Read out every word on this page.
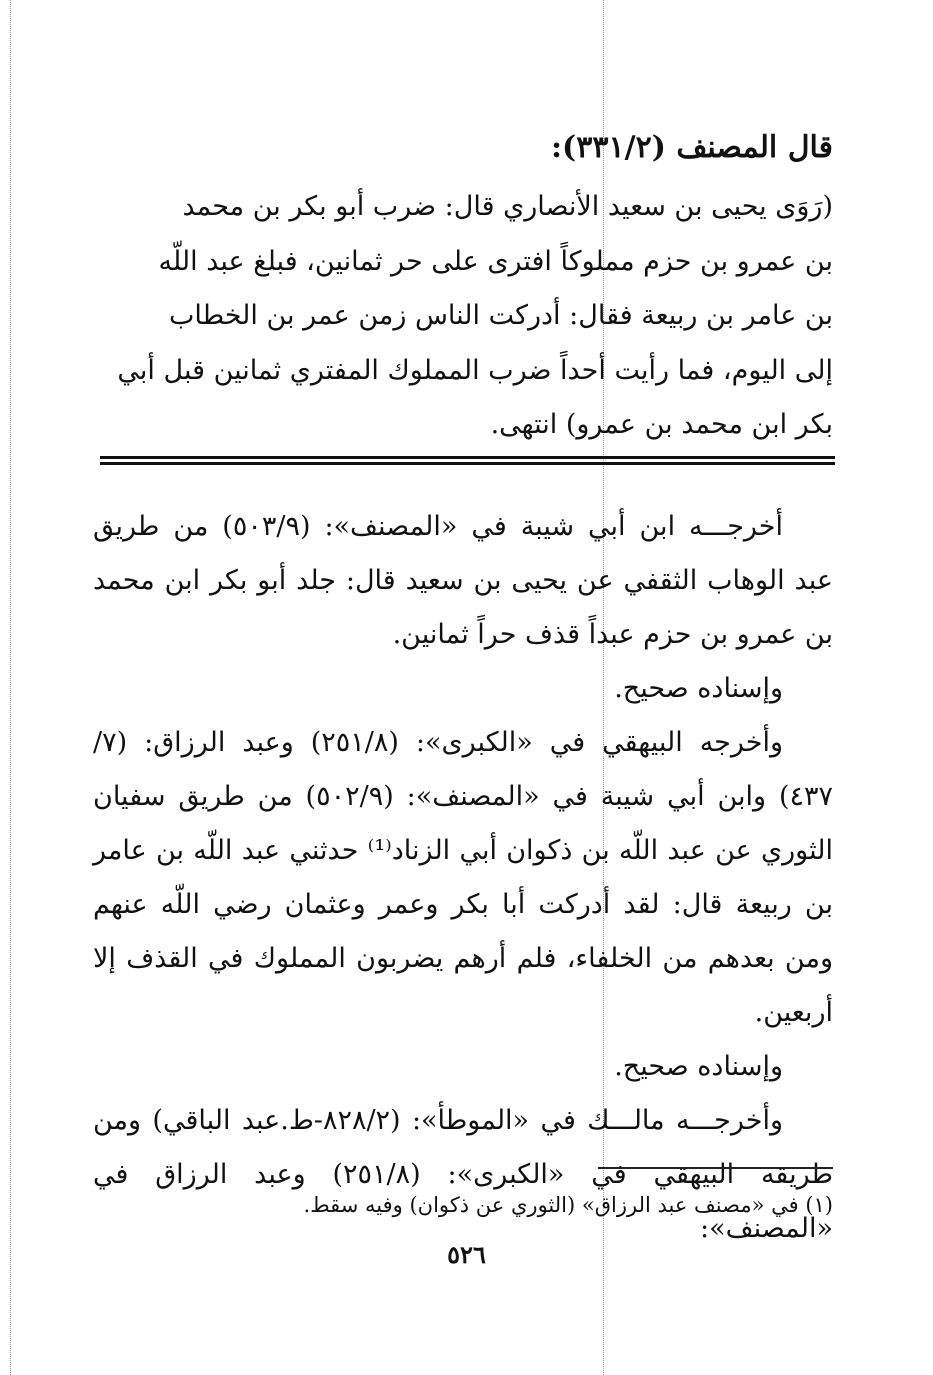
قال المصنف (٣٣١/٢):

(رَوَى يحيى بن سعيد الأنصاري قال: ضرب أبو بكر بن محمد
بن عمرو بن حزم مملوكاً افترى على حر ثمانين، فبلغ عبد اللّه
بن عامر بن ربيعة فقال: أدركت الناس زمن عمر بن الخطاب
إلى اليوم، فما رأيت أحداً ضرب المملوك المفتري ثمانين قبل أبي
بكر ابن محمد بن عمرو) انتهى.

أخرجـــه ابن أبي شيبة في «المصنف»: (٥٠٣/٩) من طريق عبد الوهاب الثقفي عن يحيى بن سعيد قال: جلد أبو بكر ابن محمد بن عمرو بن حزم عبداً قذف حراً ثمانين.

وإسناده صحيح.

وأخرجه البيهقي في «الكبرى»: (٢٥١/٨) وعبد الرزاق: (٧/ ٤٣٧) وابن أبي شيبة في «المصنف»: (٥٠٢/٩) من طريق سفيان الثوري عن عبد اللّه بن ذكوان أبي الزناد⁽¹⁾ حدثني عبد اللّه بن عامر بن ربيعة قال: لقد أدركت أبا بكر وعمر وعثمان رضي اللّه عنهم ومن بعدهم من الخلفاء، فلم أرهم يضربون المملوك في القذف إلا أربعين.

وإسناده صحيح.

وأخرجـــه مالـــك في «الموطأ»: (٨٢٨/٢-ط.عبد الباقي) ومن طريقه البيهقي في «الكبرى»: (٢٥١/٨) وعبد الرزاق في «المصنف»:

(١) في «مصنف عبد الرزاق» (الثوري عن ذكوان) وفيه سقط.

٥٢٦
